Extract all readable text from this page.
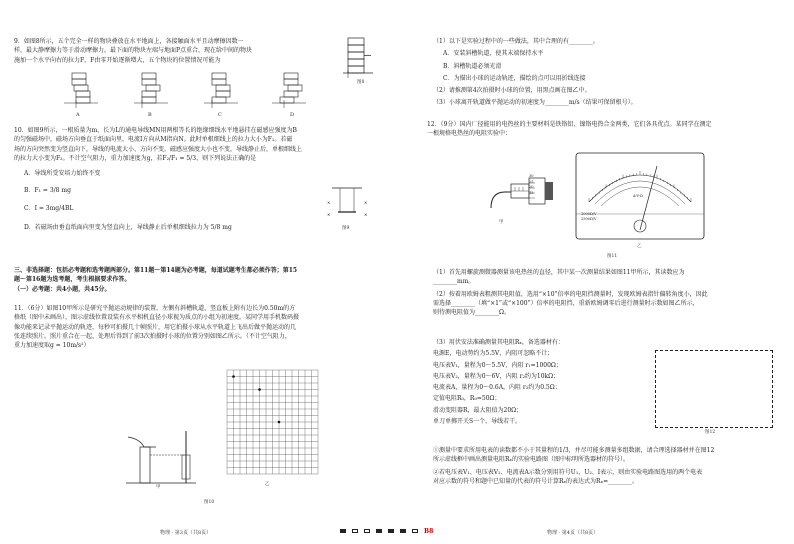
9．如图8所示，五个完全一样的物块叠放在水平地面上，各接触面水平且动摩擦因数一

样，最大静摩擦力等于滑动摩擦力。最下面的物块左端与地面P点重合，现在给中间的物块

施加一个水平向右的拉力F，F由零开始逐渐增大，五个物块的位置情况可能为

图8
A	B	C	D

10．如图9所示，一根质量为m、长为L的通电导线MN用两根等长的绝缘细线水平地悬挂在磁感应强度为B

的匀强磁场中，磁场方向垂直于纸面向里，电流I方向从M指向N。此时单根细线上的拉力大小为F₁。若磁

场的方向突然变为竖直向下，导线的电流大小、方向不变，磁感应强度大小也不变，导线静止后，单根细线上

的拉力大小变为F₂。不计空气阻力，重力加速度为g，若F₂/F₁ = 5/3，则下列说法正确的是

A．导线所受安培力始终不变

B．F₁ = 3/8 mg

C．I = 3mg/4BL

D．若磁场由垂直纸面向里变为竖直向上，导线静止后单根细线拉力为 5/8 mg

×	×
×	×
图9

三、非选择题：包括必考题和选考题两部分。第11题～第14题为必考题，每道试题考生都必须作答；第15

题～第16题为选考题，考生根据要求作答。

（一）必考题：共4小题，共45分。

11．（6分）如图10甲所示是研究平抛运动规律的装置，左侧有斜槽轨道，竖直板上附有边长为0.50m的方

格纸（图中未画出），图示虚线位置设装有水平相机直径小球视为质点的小组为初速度。某同学用手机数码摄

像功能来记录平抛运动的轨迹，每秒可拍摄几十帧照片，用它拍摄小球从水平轨道上飞出后做平抛运动的几

张连续照片。照片重合在一起，处理后得到了前3次拍摄时小球的位置分别如图乙所示。（不计空气阻力，

重力加速度取g = 10m/s²）

甲
乙
图10
物理 · 第3页（共8页）

（1）以下是实验过程中的一些做法，其中合理的有________。

A．安装斜槽轨道，使其末端保持水平

B．斜槽轨道必须光滑

C．为描出小球的运动轨迹，描绘的点可以用折线连接

（2）请推测第4次拍摄时小球的位置，用黑点画在图乙中。

（3）小球离开轨道做平抛运动的初速度为________m/s（结果可保留根号）。

12．（9分）国内厂径能用的电热丝的主要材料是铁铬铝、镍铬电热合金两类，它们各具优点。某同学在测定

一根规格电热丝的电阻实验中：

30
25
20
15
甲
1000Ω/V
2500Ω/V
A-V-Ω
乙
图11

（1）首先用螺旋测微器测量该电热丝的直径，其中某一次测量结果如图11甲所示，其读数应为

________mm。

（2）按着用欧姆表粗测其电阻值，选用“×10”倍率的电阻挡测量时，发现欧姆表指针偏转角度小，因此

需选择________（填“×1”或“×100”）倍率的电阻挡，重新欧姆调零后进行测量时示数如图乙所示，

则待测电阻值为________Ω。

（3）用伏安法准确测量其电阻Rₓ，备选器材有：

电源E，电动势约为5.5V，内阻可忽略不计；

电压表V₁，量程为0～5.5V，内阻 r₁=1000Ω；

电压表V₂，量程为0～6V，内阻 r₂约为10kΩ；

电流表A，量程为0～0.6A，内阻 r₃约为0.5Ω；

定值电阻R₀，R₀=50Ω；

滑动变阻器R，最大阻值为20Ω；

单刀单掷开关S一个，导线若干。

图12

①测量中要求所用电表的读数都不小于其量程的1/3，并尽可能多测量多组数据，请合理选择器材并在图12

所示虚线框中画出测量电阻Rₓ的实验电路图（图中标明所选器材的符号）。

②若电压表V₁、电压表V₂、电流表A示数分别用符号U₁、U₂、I表示，则由实验电路图选用的两个电表

对应示数的符号和题中已知量的代表的符号计算Rₓ的表达式为Rₓ=________。

物理 · 第4页（共8页）
B8
